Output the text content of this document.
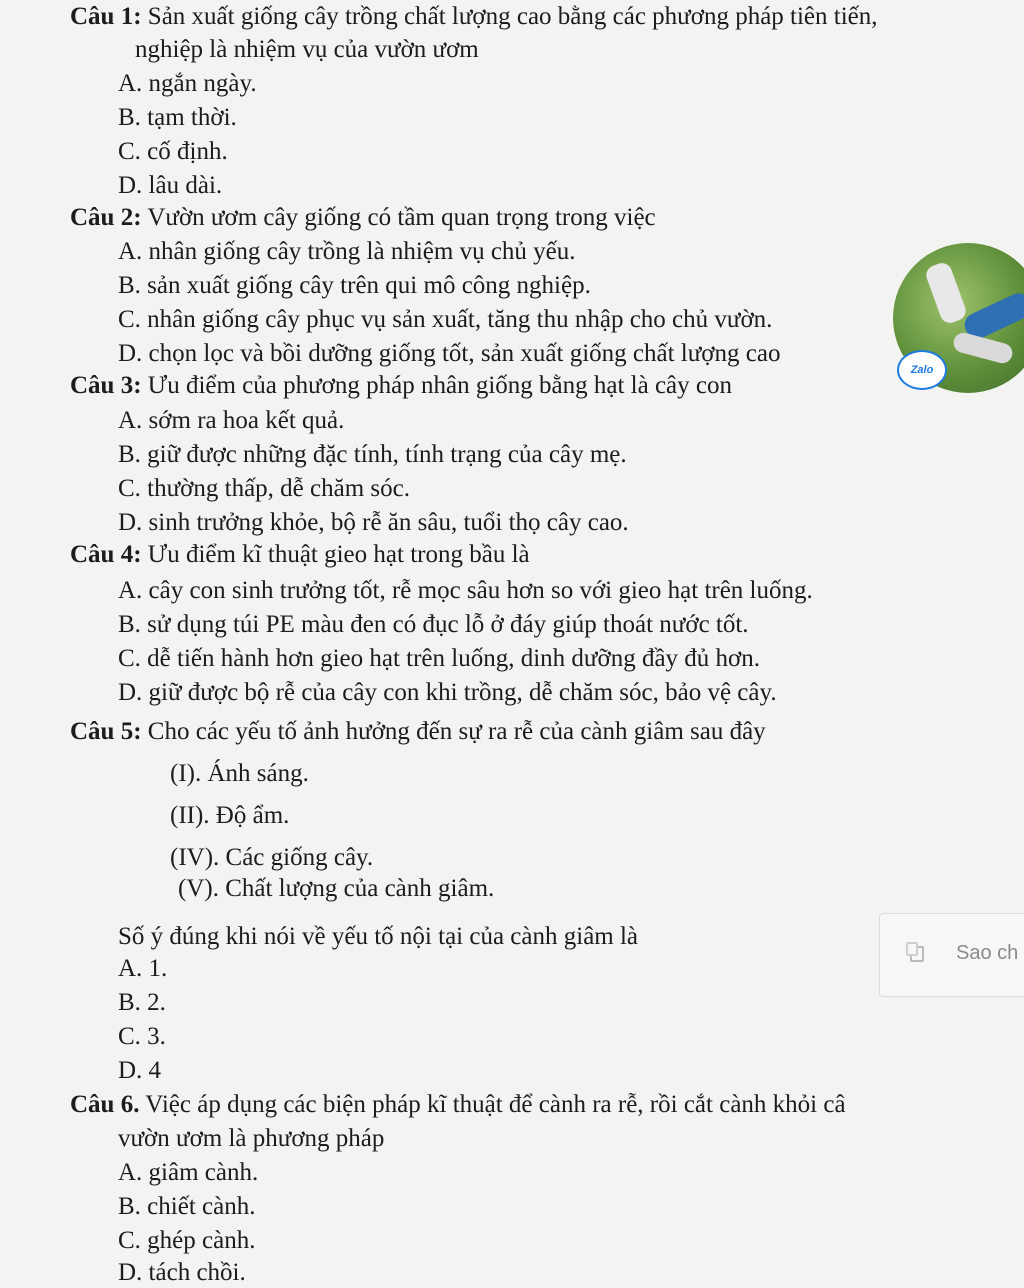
Câu 1: Sản xuất giống cây trồng chất lượng cao bằng các phương pháp tiên tiến,
nghiệp là nhiệm vụ của vườn ươm
A. ngắn ngày.
B. tạm thời.
C. cố định.
D. lâu dài.
Câu 2: Vườn ươm cây giống có tầm quan trọng trong việc
A. nhân giống cây trồng là nhiệm vụ chủ yếu.
B. sản xuất giống cây trên qui mô công nghiệp.
C. nhân giống cây phục vụ sản xuất, tăng thu nhập cho chủ vườn.
D. chọn lọc và bồi dưỡng giống tốt, sản xuất giống chất lượng cao
Câu 3: Ưu điểm của phương pháp nhân giống bằng hạt là cây con
A. sớm ra hoa kết quả.
B. giữ được những đặc tính, tính trạng của cây mẹ.
C. thường thấp, dễ chăm sóc.
D. sinh trưởng khỏe, bộ rễ ăn sâu, tuổi thọ cây cao.
Câu 4: Ưu điểm kĩ thuật gieo hạt trong bầu là
A. cây con sinh trưởng tốt, rễ mọc sâu hơn so với gieo hạt trên luống.
B. sử dụng túi PE màu đen có đục lỗ ở đáy giúp thoát nước tốt.
C. dễ tiến hành hơn gieo hạt trên luống, dinh dưỡng đầy đủ hơn.
D. giữ được bộ rễ của cây con khi trồng, dễ chăm sóc, bảo vệ cây.
Câu 5: Cho các yếu tố ảnh hưởng đến sự ra rễ của cành giâm sau đây
(I). Ánh sáng.
(II). Độ ẩm.
(IV). Các giống cây.
(V). Chất lượng của cành giâm.
Số ý đúng khi nói về yếu tố nội tại của cành giâm là
A. 1.
B. 2.
C. 3.
D. 4
Câu 6. Việc áp dụng các biện pháp kĩ thuật để cành ra rễ, rồi cắt cành khỏi câ
vườn ươm là phương pháp
A. giâm cành.
B. chiết cành.
C. ghép cành.
D. tách chồi.
Zalo
Sao ch
